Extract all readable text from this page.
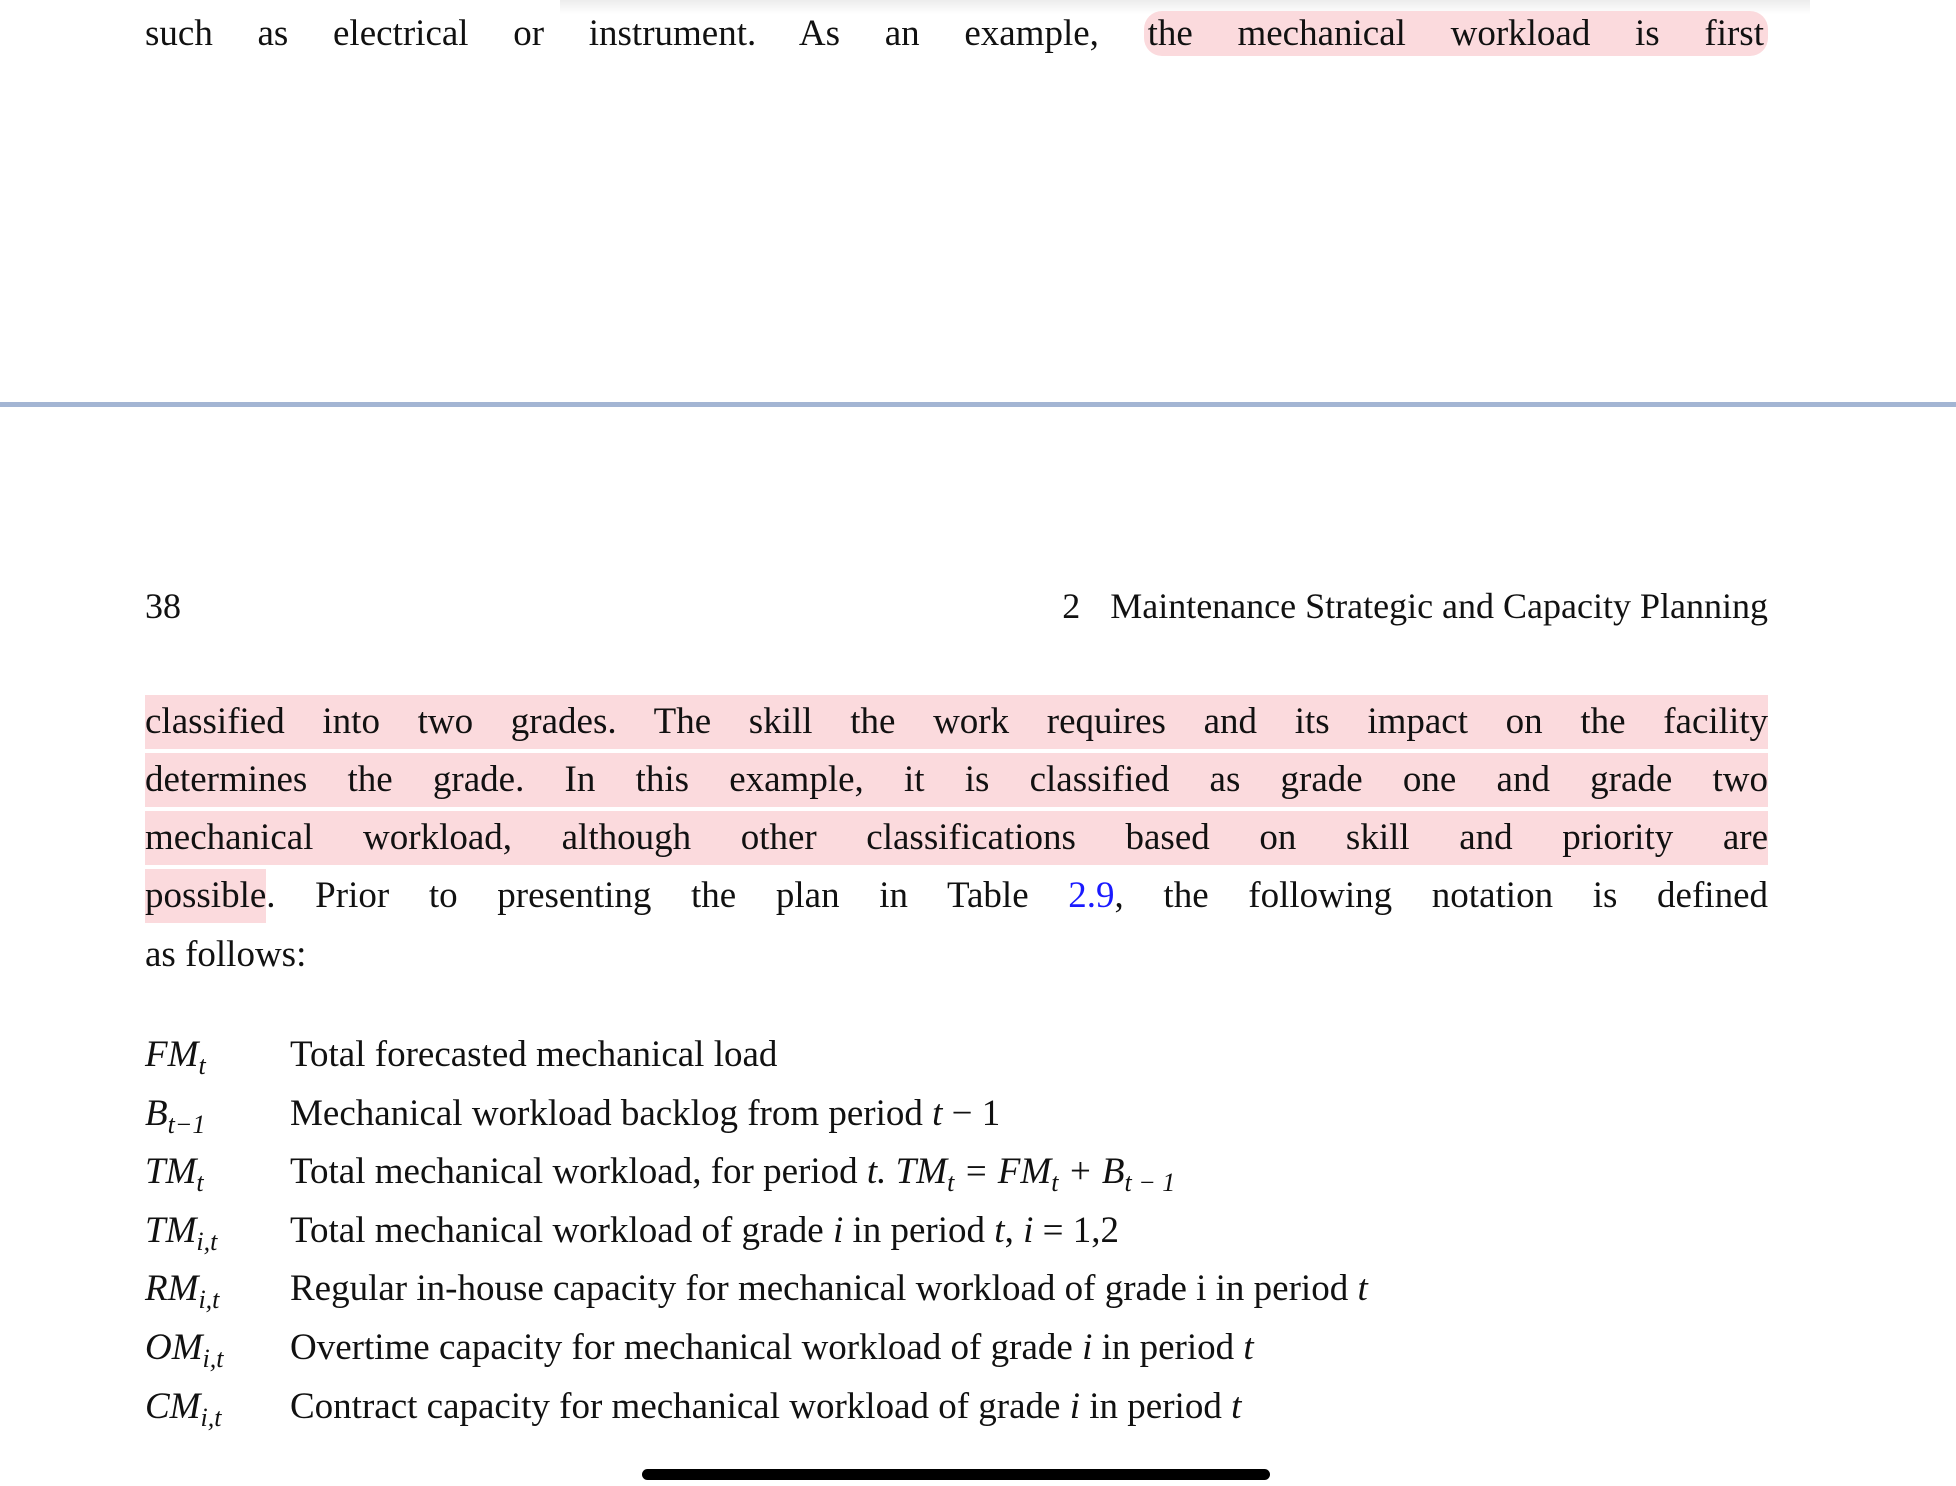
such as electrical or instrument. As an example, the mechanical workload is first
38	2 Maintenance Strategic and Capacity Planning
classified into two grades. The skill the work requires and its impact on the facility
determines the grade. In this example, it is classified as grade one and grade two
mechanical workload, although other classifications based on skill and priority are
possible. Prior to presenting the plan in Table 2.9, the following notation is defined
as follows:
$FM_t$ Total forecasted mechanical load
$B_{t-1}$ Mechanical workload backlog from period t − 1
$TM_t$ Total mechanical workload, for period t. $TM_t = FM_t + B_{t - 1}$
$TM_{i,t}$ Total mechanical workload of grade i in period t, i = 1,2
$RM_{i,t}$ Regular in-house capacity for mechanical workload of grade i in period t
$OM_{i,t}$ Overtime capacity for mechanical workload of grade i in period t
$CM_{i,t}$ Contract capacity for mechanical workload of grade i in period t
